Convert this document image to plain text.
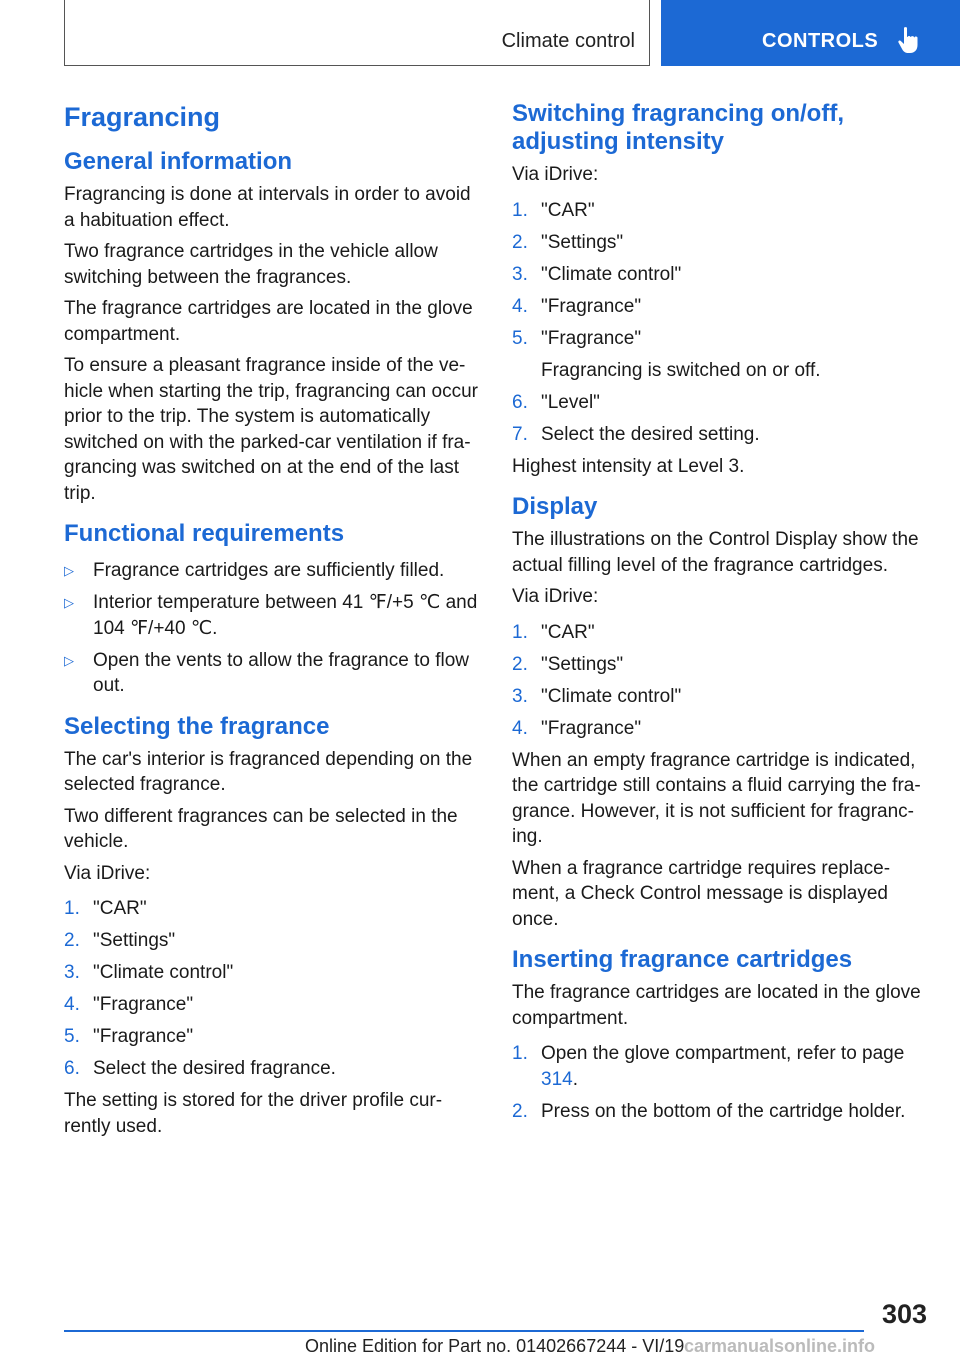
Climate control	CONTROLS
Fragrancing
General information

Fragrancing is done at intervals in order to avoid a habituation effect.

Two fragrance cartridges in the vehicle allow switching between the fragrances.

The fragrance cartridges are located in the glove compartment.

To ensure a pleasant fragrance inside of the ve‐hicle when starting the trip, fragrancing can occur prior to the trip. The system is automatically switched on with the parked-car ventilation if fra‐grancing was switched on at the end of the last trip.

Functional requirements
▷ Fragrance cartridges are sufficiently filled.
▷ Interior temperature between 41 ℉/+5 ℃ and 104 ℉/+40 ℃.
▷ Open the vents to allow the fragrance to flow out.
Selecting the fragrance

The car's interior is fragranced depending on the selected fragrance.

Two different fragrances can be selected in the vehicle.

Via iDrive:

1. "CAR"
2. "Settings"
3. "Climate control"
4. "Fragrance"
5. "Fragrance"
6. Select the desired fragrance.

The setting is stored for the driver profile cur‐rently used.

Switching fragrancing on/off, adjusting intensity

Via iDrive:

1. "CAR"
2. "Settings"
3. "Climate control"
4. "Fragrance"
5. "Fragrance"
Fragrancing is switched on or off.
6. "Level"
7. Select the desired setting.

Highest intensity at Level 3.

Display

The illustrations on the Control Display show the actual filling level of the fragrance cartridges.

Via iDrive:

1. "CAR"
2. "Settings"
3. "Climate control"
4. "Fragrance"

When an empty fragrance cartridge is indicated, the cartridge still contains a fluid carrying the fra‐grance. However, it is not sufficient for fragranc‐ing.

When a fragrance cartridge requires replace‐ment, a Check Control message is displayed once.

Inserting fragrance cartridges

The fragrance cartridges are located in the glove compartment.

1. Open the glove compartment, refer to page 314.
2. Press on the bottom of the cartridge holder.
303
Online Edition for Part no. 01402667244 - VI/19 carmanualsonline.info
